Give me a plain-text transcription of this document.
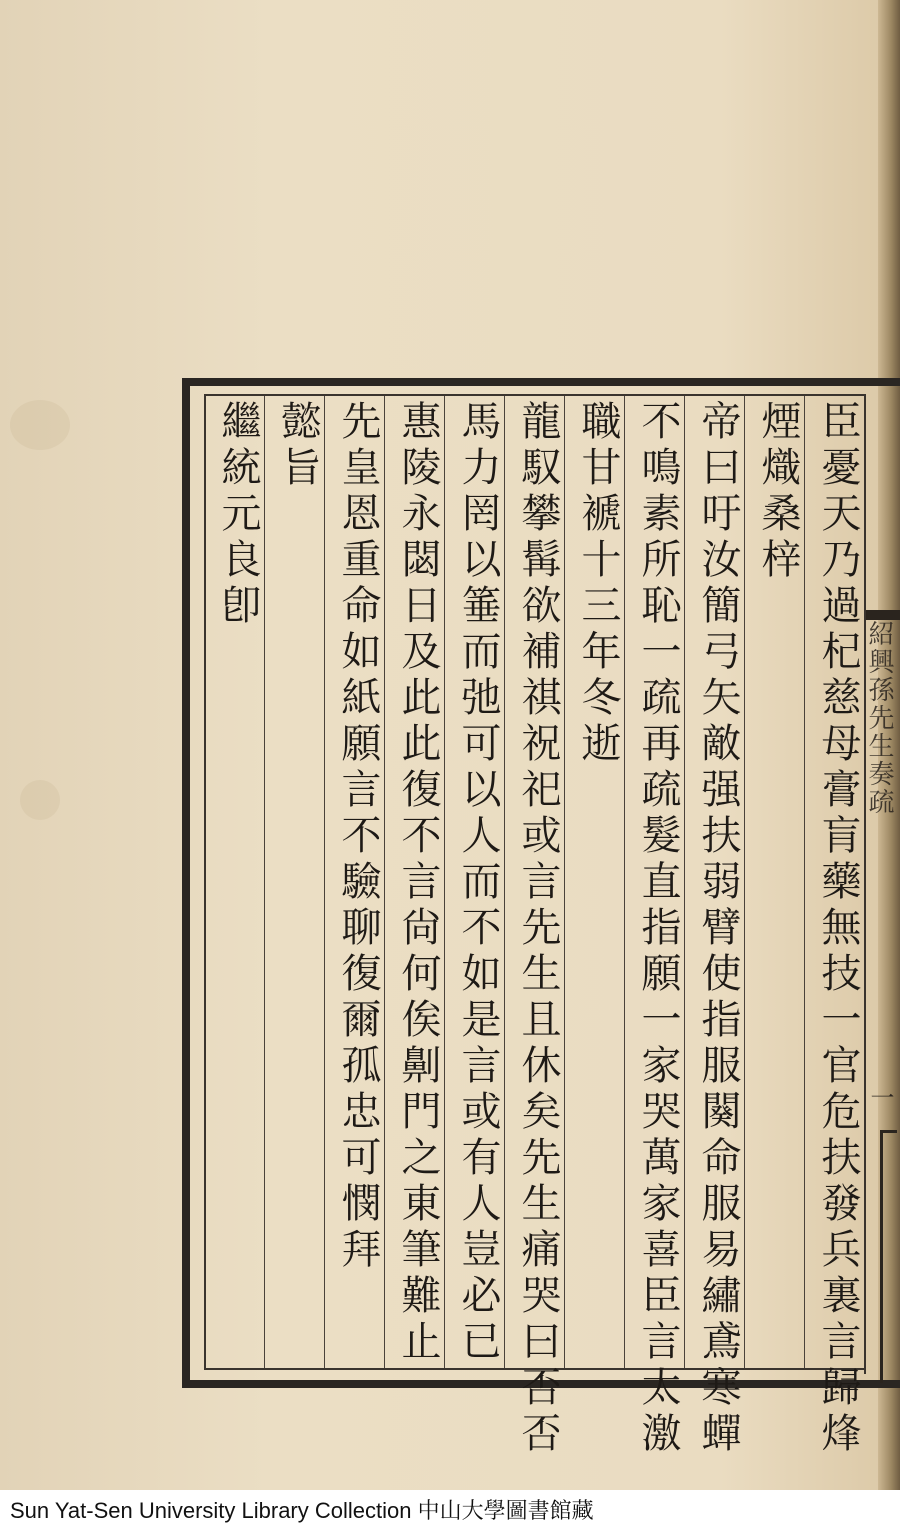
臣憂天乃過杞慈母膏肓藥無技一官危扶發兵裏言歸烽
煙熾桑梓
帝曰吁汝簡弓矢敵强扶弱臂使指服闋命服易繡鳶寒蟬
不鳴素所恥一疏再疏髮直指願一家哭萬家喜臣言太激
職甘褫十三年冬逝
龍馭攀髯欲補祺祝祀或言先生且休矣先生痛哭曰否否
馬力罔以箠而弛可以人而不如是言或有人豈必已
惠陵永閟日及此此復不言尙何俟劓門之東筆難止
先皇恩重命如紙願言不驗聊復爾孤忠可憫拜
懿旨
繼統元良卽
紹興孫先生奏疏
一
Sun Yat-Sen University Library Collection 中山大學圖書館藏
